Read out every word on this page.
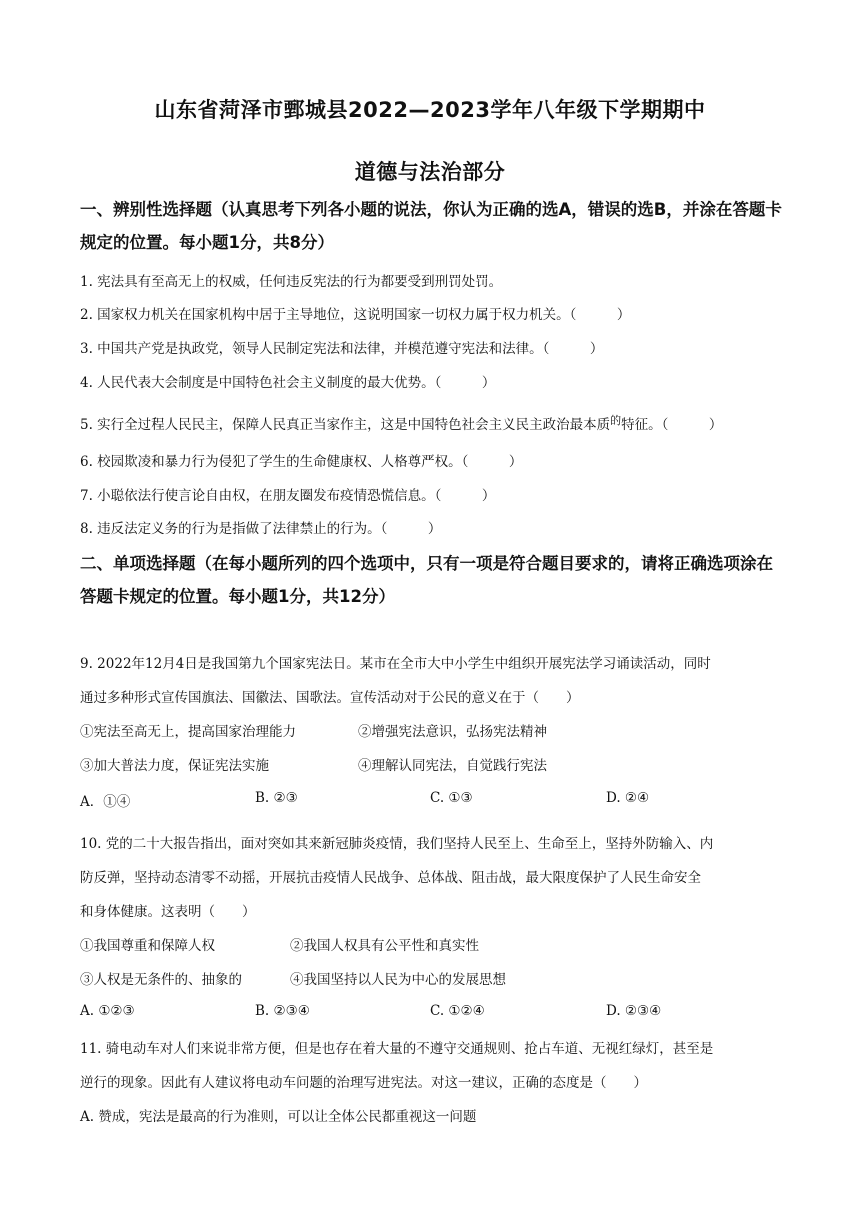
山东省菏泽市鄄城县2022—2023学年八年级下学期期中
道德与法治部分
一、辨别性选择题（认真思考下列各小题的说法，你认为正确的选A，错误的选B，并涂在答题卡规定的位置。每小题1分，共8分）
1. 宪法具有至高无上的权威，任何违反宪法的行为都要受到刑罚处罚。
2. 国家权力机关在国家机构中居于主导地位，这说明国家一切权力属于权力机关。（　　　）
3. 中国共产党是执政党，领导人民制定宪法和法律，并模范遵守宪法和法律。（　　　）
4. 人民代表大会制度是中国特色社会主义制度的最大优势。（　　　）
5. 实行全过程人民民主，保障人民真正当家作主，这是中国特色社会主义民主政治最本质$^的$特征。（　　　）
6. 校园欺凌和暴力行为侵犯了学生的生命健康权、人格尊严权。（　　　）
7. 小聪依法行使言论自由权，在朋友圈发布疫情恐慌信息。（　　　）
8. 违反法定义务的行为是指做了法律禁止的行为。（　　　）
二、单项选择题（在每小题所列的四个选项中，只有一项是符合题目要求的，请将正确选项涂在答题卡规定的位置。每小题1分，共12分）
9. 2022年12月4日是我国第九个国家宪法日。某市在全市大中小学生中组织开展宪法学习诵读活动，同时
通过多种形式宣传国旗法、国徽法、国歌法。宣传活动对于公民的意义在于（　　）
①宪法至高无上，提高国家治理能力	②增强宪法意识，弘扬宪法精神
③加大普法力度，保证宪法实施	④理解认同宪法，自觉践行宪法
A．①④	B. ②③	C. ①③	D. ②④
10. 党的二十大报告指出，面对突如其来新冠肺炎疫情，我们坚持人民至上、生命至上，坚持外防输入、内
防反弹，坚持动态清零不动摇，开展抗击疫情人民战争、总体战、阻击战，最大限度保护了人民生命安全
和身体健康。这表明（　　）
①我国尊重和保障人权	②我国人权具有公平性和真实性
③人权是无条件的、抽象的	④我国坚持以人民为中心的发展思想
A. ①②③	B. ②③④	C. ①②④	D. ②③④
11. 骑电动车对人们来说非常方便，但是也存在着大量的不遵守交通规则、抢占车道、无视红绿灯，甚至是
逆行的现象。因此有人建议将电动车问题的治理写进宪法。对这一建议，正确的态度是（　　）
A. 赞成，宪法是最高的行为准则，可以让全体公民都重视这一问题
